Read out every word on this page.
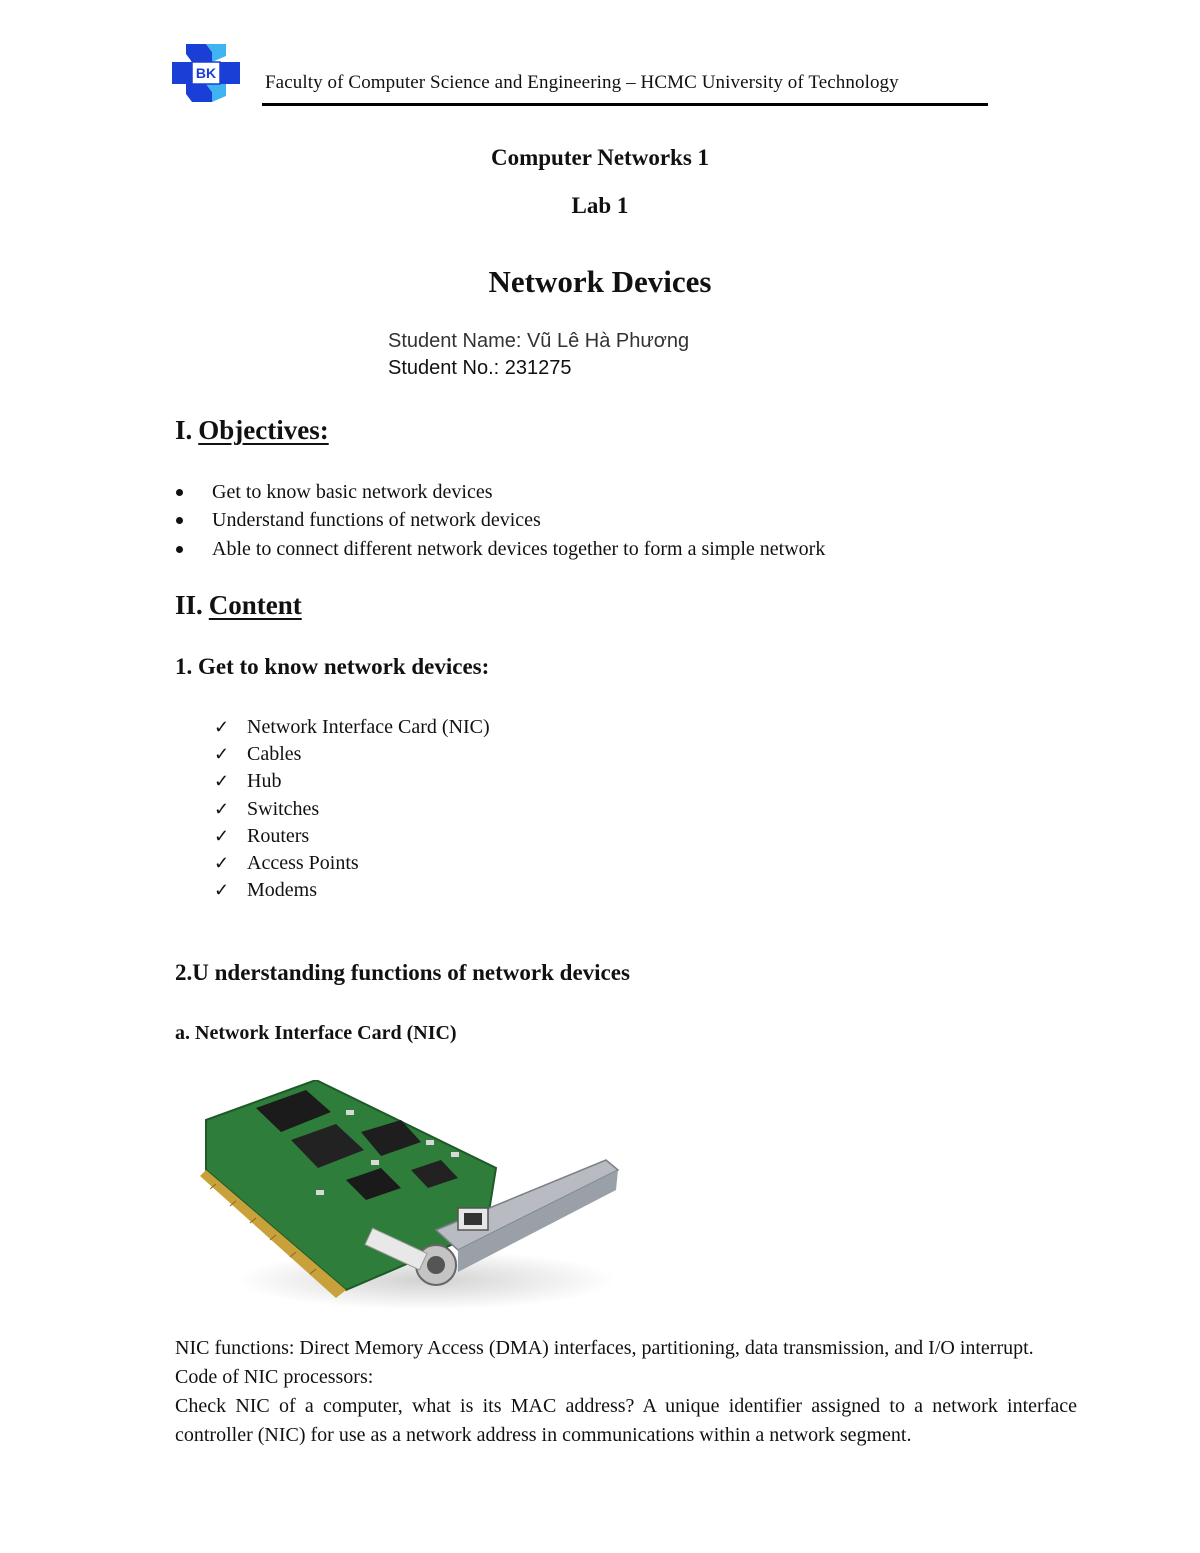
BK	Faculty of Computer Science and Engineering – HCMC University of Technology
Computer Networks 1
Lab 1
Network Devices
Student Name: Vũ Lê Hà Phương
Student No.: 231275
I. Objectives:
Get to know basic network devices
Understand functions of network devices
Able to connect different network devices together to form a simple network
II. Content
1. Get to know network devices:
✓ Network Interface Card (NIC)
✓ Cables
✓ Hub
✓ Switches
✓ Routers
✓ Access Points
✓ Modems
2.U nderstanding functions of network devices
a. Network Interface Card (NIC)

NIC functions: Direct Memory Access (DMA) interfaces, partitioning, data transmission, and I/O interrupt.

Code of NIC processors:

Check NIC of a computer, what is its MAC address? A unique identifier assigned to a network interface controller (NIC) for use as a network address in communications within a network segment.
